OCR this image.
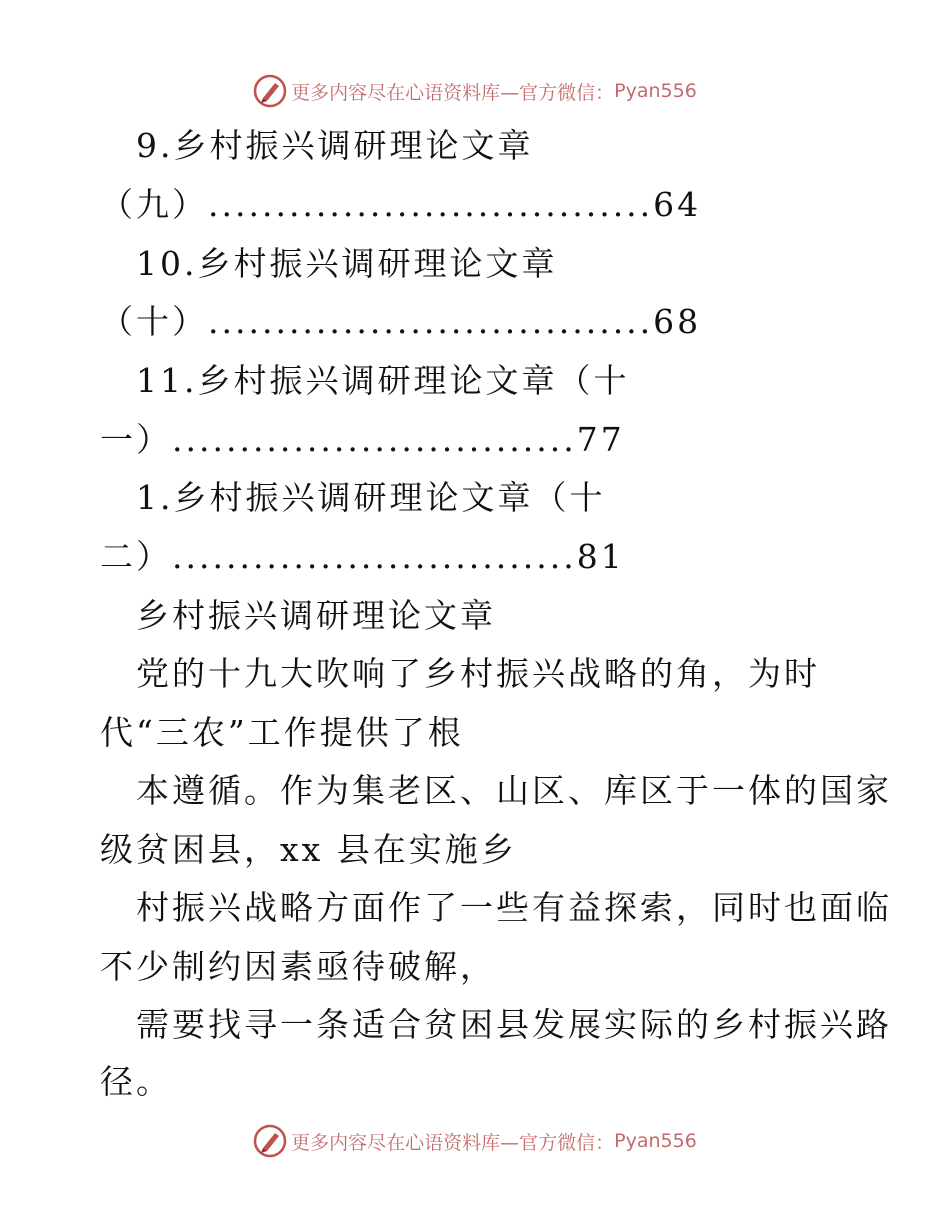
更多内容尽在心语资料库—官方微信： Pyan556
9.乡村振兴调研理论文章
（九）.................................64
10.乡村振兴调研理论文章
（十）.................................68
11.乡村振兴调研理论文章（十
一）..............................77
1.乡村振兴调研理论文章（十
二）..............................81
乡村振兴调研理论文章
党的十九大吹响了乡村振兴战略的角，为时
代“三农”工作提供了根
本遵循。作为集老区、山区、库区于一体的国家
级贫困县，xx 县在实施乡
村振兴战略方面作了一些有益探索，同时也面临
不少制约因素亟待破解，
需要找寻一条适合贫困县发展实际的乡村振兴路
径。
更多内容尽在心语资料库—官方微信： Pyan556
